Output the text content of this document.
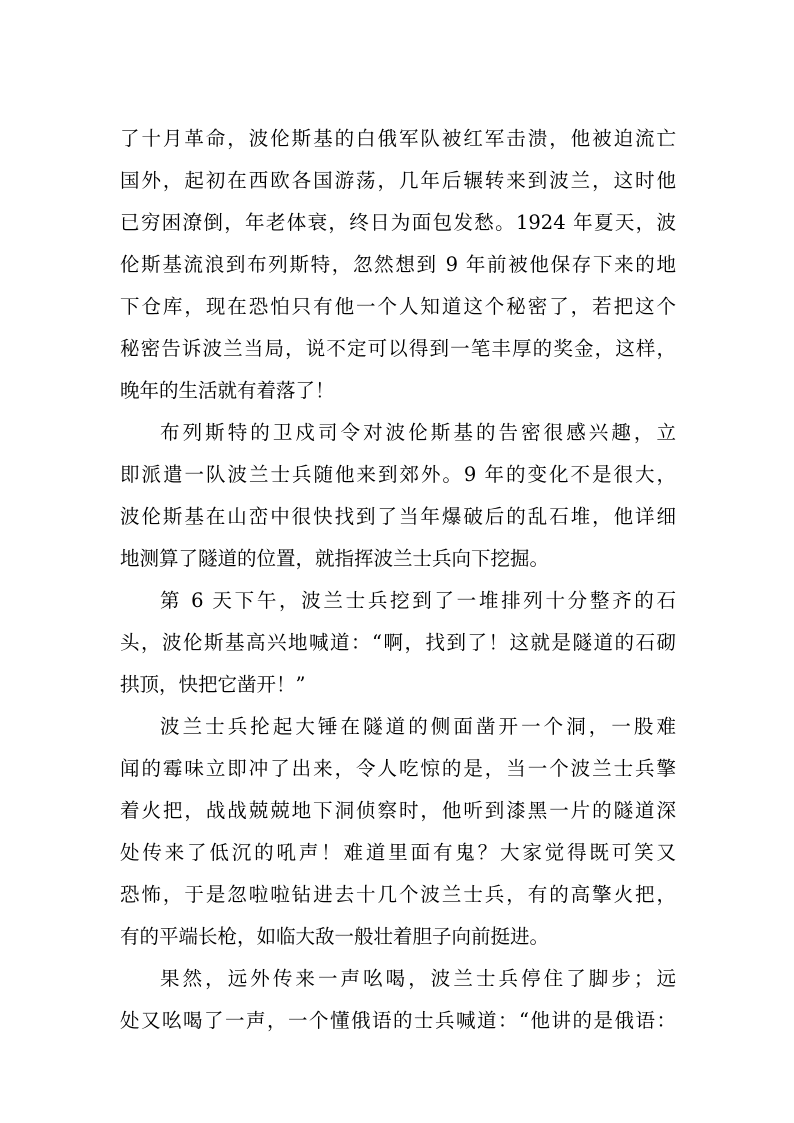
了十月革命，波伦斯基的白俄军队被红军击溃，他被迫流亡
国外，起初在西欧各国游荡，几年后辗转来到波兰，这时他
已穷困潦倒，年老体衰，终日为面包发愁。1924 年夏天，波
伦斯基流浪到布列斯特，忽然想到 9 年前被他保存下来的地
下仓库，现在恐怕只有他一个人知道这个秘密了，若把这个
秘密告诉波兰当局，说不定可以得到一笔丰厚的奖金，这样，
晚年的生活就有着落了！
布列斯特的卫戍司令对波伦斯基的告密很感兴趣，立
即派遣一队波兰士兵随他来到郊外。9 年的变化不是很大，
波伦斯基在山峦中很快找到了当年爆破后的乱石堆，他详细
地测算了隧道的位置，就指挥波兰士兵向下挖掘。
第 6 天下午，波兰士兵挖到了一堆排列十分整齐的石
头，波伦斯基高兴地喊道：“啊，找到了！这就是隧道的石砌
拱顶，快把它凿开！”
波兰士兵抡起大锤在隧道的侧面凿开一个洞，一股难
闻的霉味立即冲了出来，令人吃惊的是，当一个波兰士兵擎
着火把，战战兢兢地下洞侦察时，他听到漆黑一片的隧道深
处传来了低沉的吼声！难道里面有鬼？大家觉得既可笑又
恐怖，于是忽啦啦钻进去十几个波兰士兵，有的高擎火把，
有的平端长枪，如临大敌一般壮着胆子向前挺进。
果然，远外传来一声吆喝，波兰士兵停住了脚步；远
处又吆喝了一声，一个懂俄语的士兵喊道：“他讲的是俄语：
